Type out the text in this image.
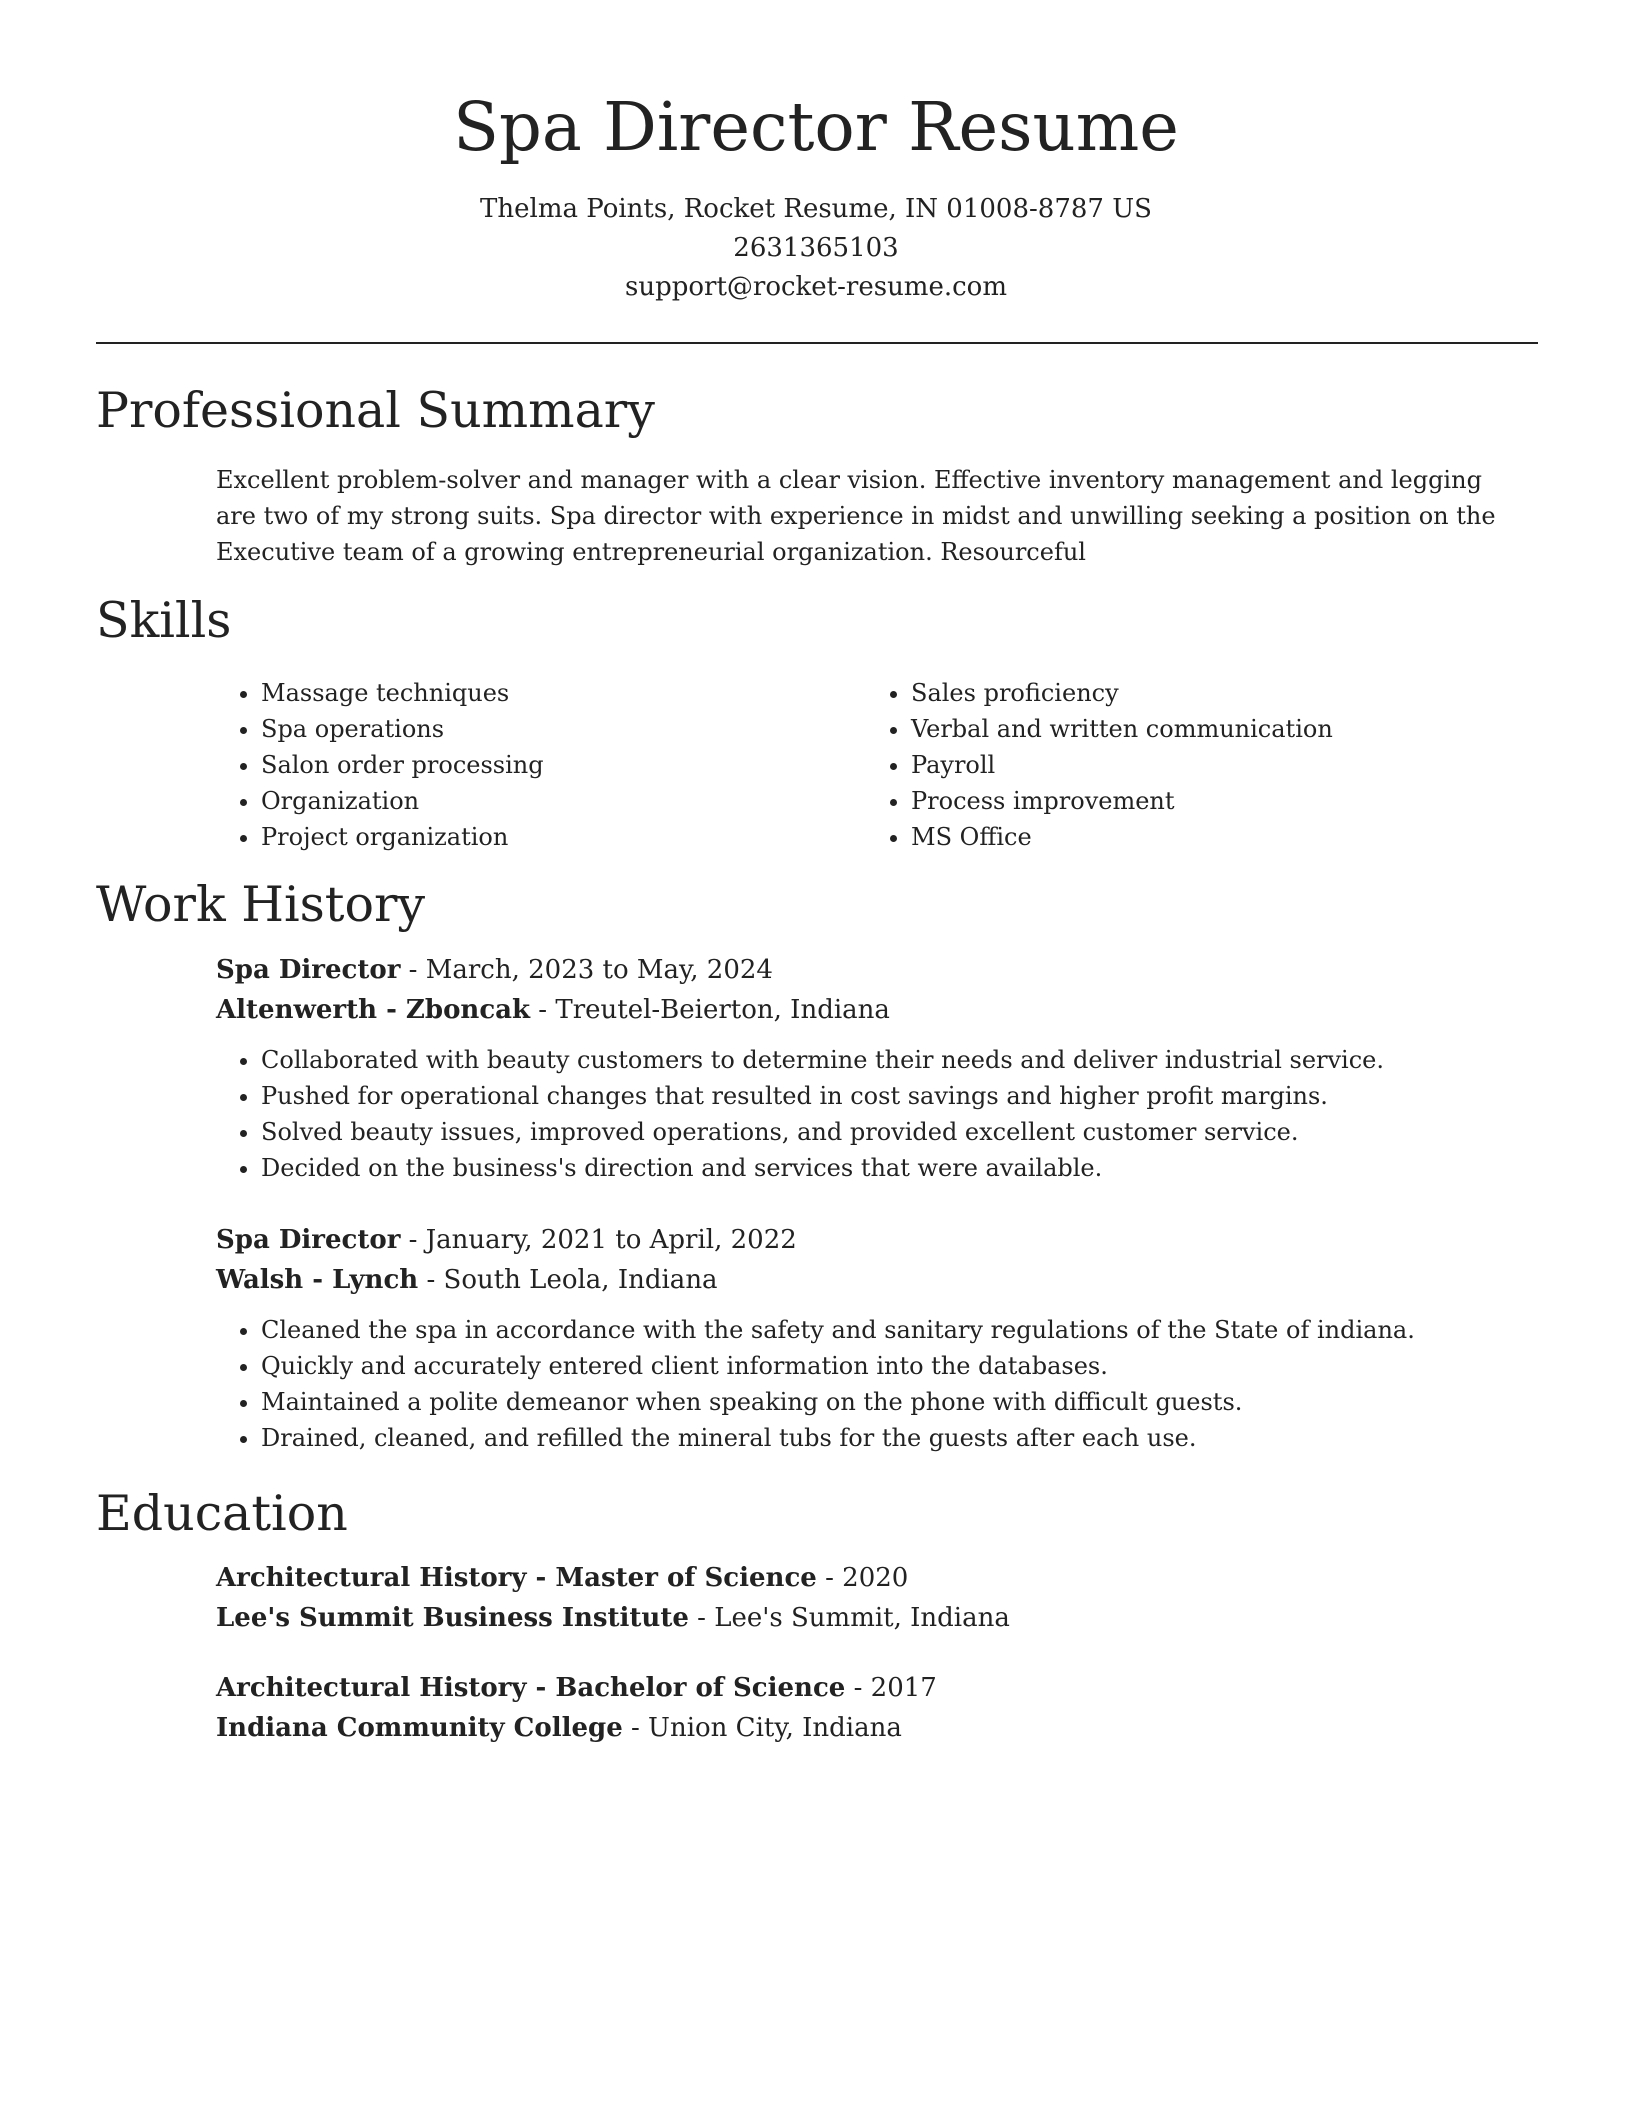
Spa Director Resume
Thelma Points, Rocket Resume, IN 01008-8787 US
2631365103
support@rocket-resume.com
Professional Summary

Excellent problem-solver and manager with a clear vision. Effective inventory management and legging are two of my strong suits. Spa director with experience in midst and unwilling seeking a position on the Executive team of a growing entrepreneurial organization. Resourceful

Skills
• Massage techniques
• Spa operations
• Salon order processing
• Organization
• Project organization
• Sales proficiency
• Verbal and written communication
• Payroll
• Process improvement
• MS Office
Work History
Spa Director - March, 2023 to May, 2024
Altenwerth - Zboncak - Treutel-Beierton, Indiana
• Collaborated with beauty customers to determine their needs and deliver industrial service.
• Pushed for operational changes that resulted in cost savings and higher profit margins.
• Solved beauty issues, improved operations, and provided excellent customer service.
• Decided on the business's direction and services that were available.
Spa Director - January, 2021 to April, 2022
Walsh - Lynch - South Leola, Indiana
• Cleaned the spa in accordance with the safety and sanitary regulations of the State of indiana.
• Quickly and accurately entered client information into the databases.
• Maintained a polite demeanor when speaking on the phone with difficult guests.
• Drained, cleaned, and refilled the mineral tubs for the guests after each use.
Education
Architectural History - Master of Science - 2020
Lee's Summit Business Institute - Lee's Summit, Indiana
Architectural History - Bachelor of Science - 2017
Indiana Community College - Union City, Indiana
